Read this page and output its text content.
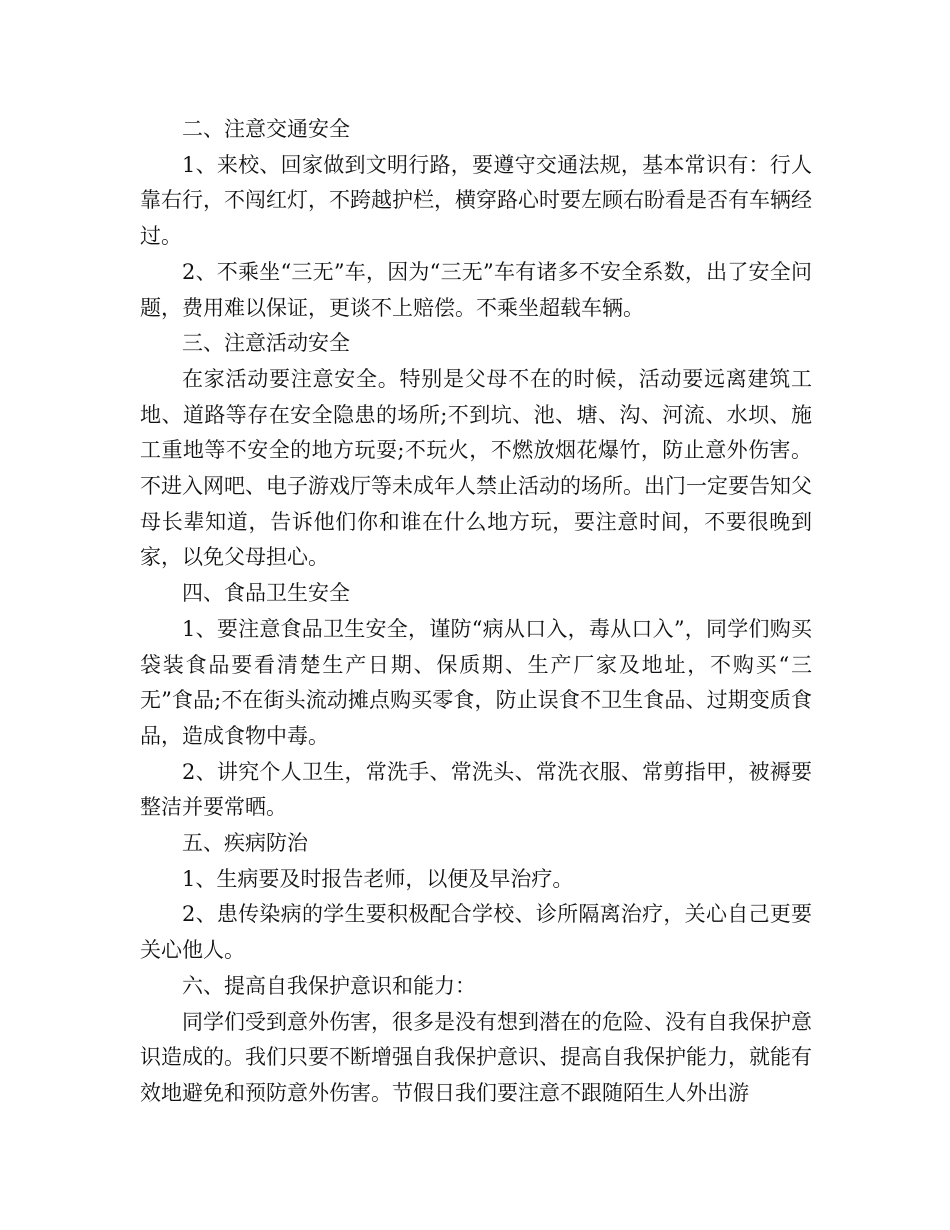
二、注意交通安全

1、来校、回家做到文明行路，要遵守交通法规，基本常识有：行人靠右行，不闯红灯，不跨越护栏，横穿路心时要左顾右盼看是否有车辆经过。

2、不乘坐“三无”车，因为“三无”车有诸多不安全系数，出了安全问题，费用难以保证，更谈不上赔偿。不乘坐超载车辆。

三、注意活动安全

在家活动要注意安全。特别是父母不在的时候，活动要远离建筑工地、道路等存在安全隐患的场所;不到坑、池、塘、沟、河流、水坝、施工重地等不安全的地方玩耍;不玩火，不燃放烟花爆竹，防止意外伤害。不进入网吧、电子游戏厅等未成年人禁止活动的场所。出门一定要告知父母长辈知道，告诉他们你和谁在什么地方玩，要注意时间，不要很晚到家，以免父母担心。

四、食品卫生安全

1、要注意食品卫生安全，谨防“病从口入，毒从口入”，同学们购买袋装食品要看清楚生产日期、保质期、生产厂家及地址，不购买“三无”食品;不在街头流动摊点购买零食，防止误食不卫生食品、过期变质食品，造成食物中毒。

2、讲究个人卫生，常洗手、常洗头、常洗衣服、常剪指甲，被褥要整洁并要常晒。

五、疾病防治

1、生病要及时报告老师，以便及早治疗。

2、患传染病的学生要积极配合学校、诊所隔离治疗，关心自己更要关心他人。

六、提高自我保护意识和能力：

同学们受到意外伤害，很多是没有想到潜在的危险、没有自我保护意识造成的。我们只要不断增强自我保护意识、提高自我保护能力，就能有效地避免和预防意外伤害。节假日我们要注意不跟随陌生人外出游
